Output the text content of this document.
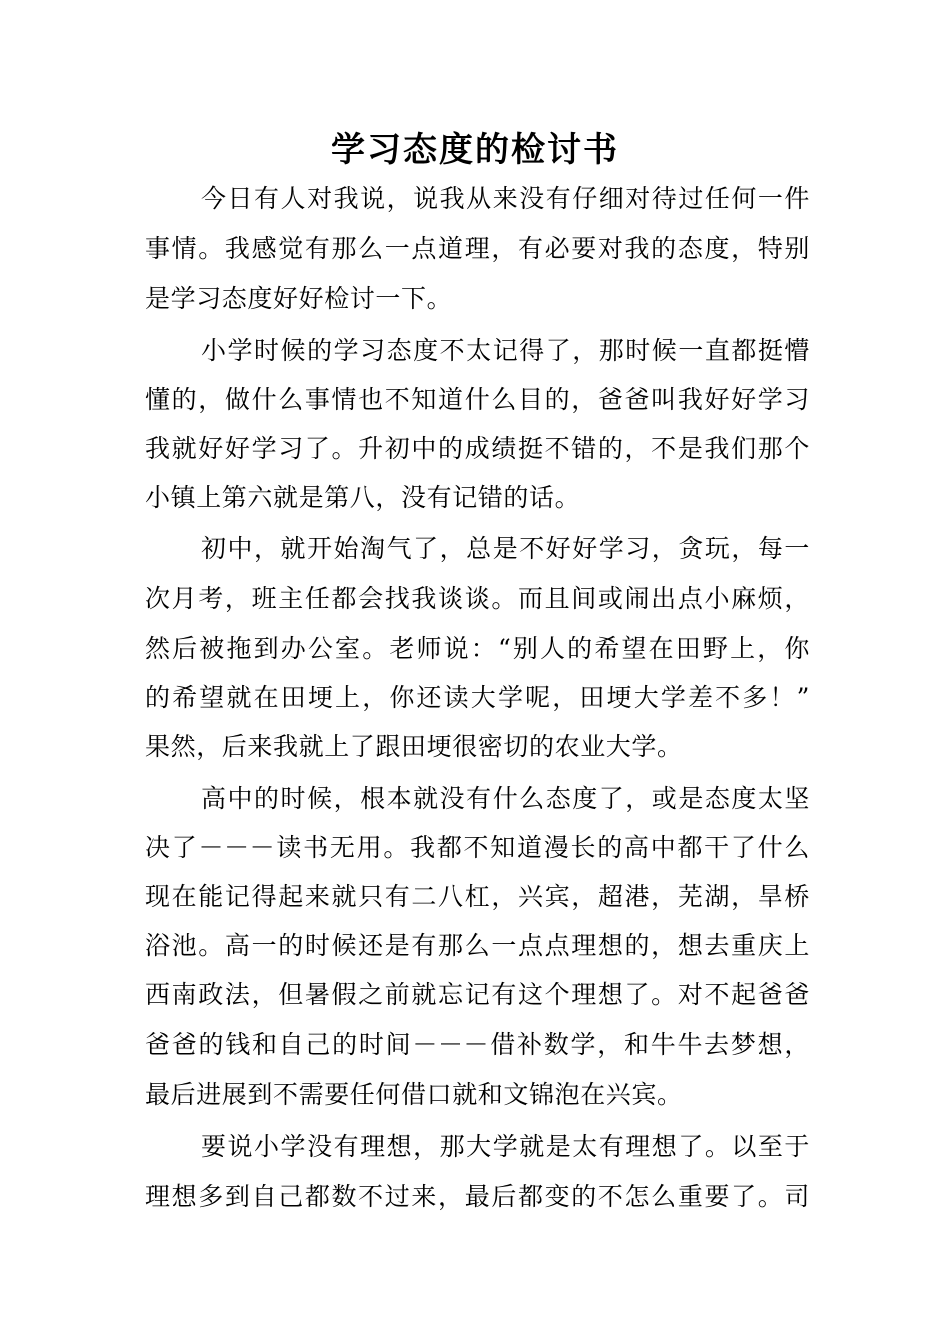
学习态度的检讨书
今日有人对我说，说我从来没有仔细对待过任何一件
事情。我感觉有那么一点道理，有必要对我的态度，特别
是学习态度好好检讨一下。
小学时候的学习态度不太记得了，那时候一直都挺懵
懂的，做什么事情也不知道什么目的，爸爸叫我好好学习
我就好好学习了。升初中的成绩挺不错的，不是我们那个
小镇上第六就是第八，没有记错的话。
初中，就开始淘气了，总是不好好学习，贪玩，每一
次月考，班主任都会找我谈谈。而且间或闹出点小麻烦，
然后被拖到办公室。老师说：“别人的希望在田野上，你
的希望就在田埂上，你还读大学呢，田埂大学差不多！”
果然，后来我就上了跟田埂很密切的农业大学。
高中的时候，根本就没有什么态度了，或是态度太坚
决了－－－读书无用。我都不知道漫长的高中都干了什么
现在能记得起来就只有二八杠，兴宾，超港，芜湖，旱桥
浴池。高一的时候还是有那么一点点理想的，想去重庆上
西南政法，但暑假之前就忘记有这个理想了。对不起爸爸
爸爸的钱和自己的时间－－－借补数学，和牛牛去梦想，
最后进展到不需要任何借口就和文锦泡在兴宾。
要说小学没有理想，那大学就是太有理想了。以至于
理想多到自己都数不过来，最后都变的不怎么重要了。司
